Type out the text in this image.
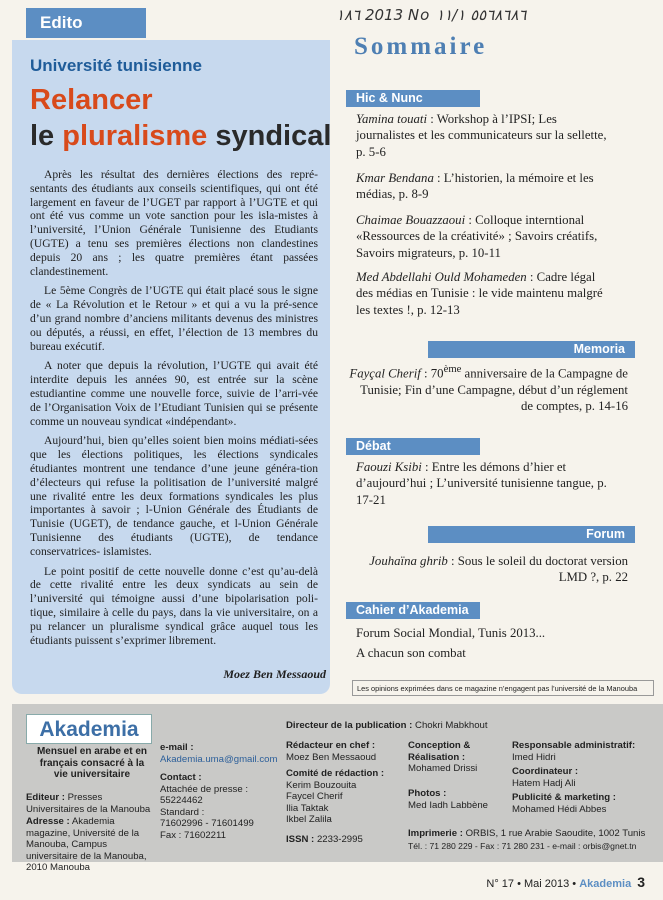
Edito
Université tunisienne
Relancer
le pluralisme syndical

Après les résultat des dernières élections des repré-sentants des étudiants aux conseils scientifiques, qui ont été largement en faveur de l’UGET par rapport à l’UGTE et qui ont été vus comme un vote sanction pour les isla-mistes à l’université, l’Union Générale Tunisienne des Etudiants (UGTE) a tenu ses premières élections non clandestines depuis 20 ans ; les quatre premières étant passées clandestinement.

Le 5ème Congrès de l’UGTE qui était placé sous le signe de « La Révolution et le Retour » et qui a vu la pré-sence d’un grand nombre d’anciens militants devenus des ministres ou députés, a réussi, en effet, l’élection de 13 membres du bureau exécutif.

A noter que depuis la révolution, l’UGTE qui avait été interdite depuis les années 90, est entrée sur la scène estudiantine comme une nouvelle force, suivie de l’arri-vée de l’Organisation Voix de l’Etudiant Tunisien qui se présente comme un nouveau syndicat «indépendant».

Aujourd’hui, bien qu’elles soient bien moins médiati-sées que les élections politiques, les élections syndicales étudiantes montrent une tendance d’une jeune généra-tion d’électeurs qui refuse la politisation de l’université malgré une rivalité entre les deux formations syndicales les plus importantes à savoir ; l-Union Générale des Étudiants de Tunisie (UGET), de tendance gauche, et l-Union Générale Tunisienne des étudiants (UGTE), de tendance conservatrices- islamistes.

Le point positif de cette nouvelle donne c’est qu’au-delà de cette rivalité entre les deux syndicats au sein de l’université qui témoigne aussi d’une bipolarisation poli-tique, similaire à celle du pays, dans la vie universitaire, on a pu relancer un pluralisme syndical grâce auquel tous les étudiants puissent s’exprimer librement.

Moez Ben Messaoud
١٨٦ 2013 No ٥٥٦٨٦٨٦ ١١/١
Sommaire
Hic & Nunc
Yamina touati : Workshop à l’IPSI; Les journalistes et les communicateurs sur la sellette, p. 5-6
Kmar Bendana : L’historien, la mémoire et les médias, p. 8-9
Chaimae Bouazzaoui : Colloque interntional «Ressources de la créativité» ; Savoirs créatifs, Savoirs migrateurs, p. 10-11
Med Abdellahi Ould Mohameden : Cadre légal des médias en Tunisie : le vide maintenu malgré les textes !, p. 12-13
Memoria
Fayçal Cherif : 70ème anniversaire de la Campagne de Tunisie; Fin d’une Campagne, début d’un réglement de comptes, p. 14-16
Débat
Faouzi Ksibi : Entre les démons d’hier et d’aujourd’hui ; L’université tunisienne tangue, p. 17-21
Forum
Jouhaïna ghrib : Sous le soleil du doctorat version LMD ?, p. 22
Cahier d’Akademia
Forum Social Mondial, Tunis 2013...
A chacun son combat
Les opinions exprimées dans ce magazine n’engagent pas l’université de la Manouba
Akademia
Mensuel en arabe et en français consacré à la vie universitaire
Editeur : Presses Universitaires de la Manouba
Adresse : Akademia magazine, Université de la Manouba, Campus universitaire de la Manouba, 2010 Manouba
e-mail :
Akademia.uma@gmail.com
Contact :
Attachée de presse :
55224462
Standard :
71602996 - 71601499
Fax : 71602211
Directeur de la publication : Chokri Mabkhout
Rédacteur en chef :
Moez Ben Messaoud
Comité de rédaction :
Kerim Bouzouita
Faycel Cherif
Ilia Taktak
Ikbel Zalila
ISSN : 2233-2995
Conception & Réalisation :
Mohamed Drissi
Photos :
Med Iadh Labbène
Responsable administratif:
Imed Hidri
Coordinateur :
Hatem Hadj Ali
Publicité & marketing :
Mohamed Hédi Abbes
Imprimerie : ORBIS, 1 rue Arabie Saoudite, 1002 Tunis
Tél. : 71 280 229 - Fax : 71 280 231 - e-mail : orbis@gnet.tn
N° 17 • Mai 2013 • Akademia 3
